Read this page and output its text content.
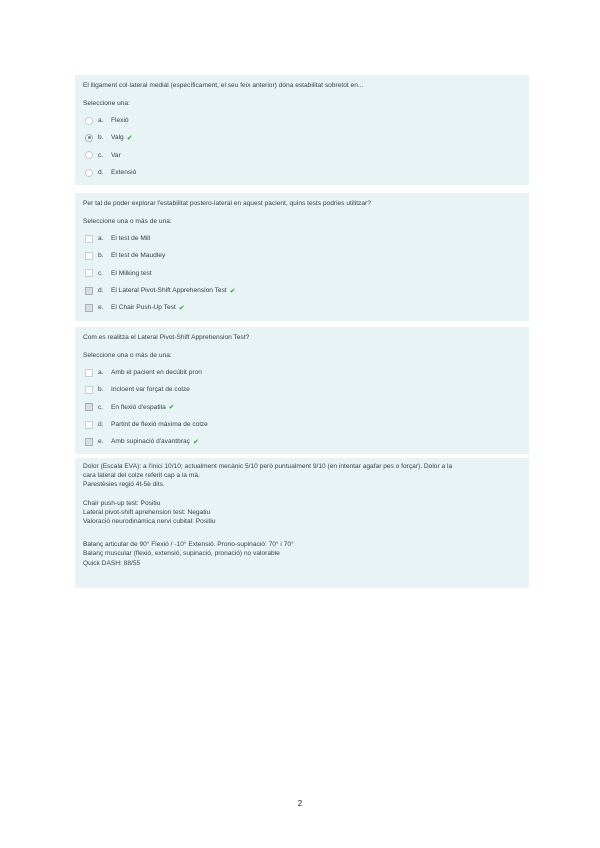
El lligament col·lateral medial (específicament, el seu feix anterior) dóna estabilitat sobretot en...
Seleccione una:
a.	Flexió
b.	Valg ✔
c.	Var
d.	Extensió
Per tal de poder explorar l'estabilitat postero-lateral en aquest pacient, quins tests podries utilitzar?
Seleccione una o más de una:
a.	El test de Mill
b.	El test de Maudley
c.	El Milking test
d.	El Lateral Pivot-Shift Apprehension Test ✔
e.	El Chair Push-Up Test ✔
Com es realitza el Lateral Pivot-Shift Apprehension Test?
Seleccione una o más de una:
a.	Amb el pacient en decúbit pron
b.	Incloent var forçat de colze
c.	En flexió d'espatlla ✔
d.	Partint de flexió màxima de colze
e.	Amb supinació d'avantbraç ✔
Dolor (Escala EVA): a l'inici 10/10; actualment mecànic 5/10 però puntualment 9/10 (en intentar agafar pes o forçar). Dolor a la
cara lateral del colze referit cap a la mà.
Parestèsies regió 4t-5è dits.
Chair push-up test: Positiu
Lateral pivot-shift aprehension test: Negatiu
Valoració neurodinàmica nervi cubital: Positiu
Balanç articular de 90° Flexió / -10° Extensió. Prono-supinació: 70° i 70°
Balanç muscular (flexió, extensió, supinació, pronació) no valorable
Quick DASH: 88/55
2
